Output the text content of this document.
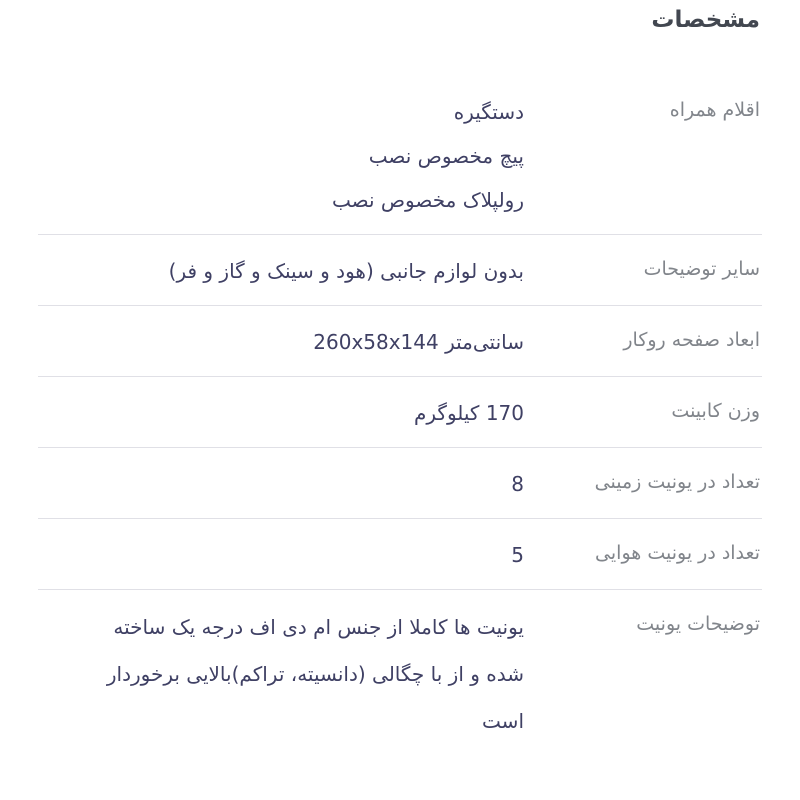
مشخصات
اقلام همراه
دستگیره
پیچ مخصوص نصب
رولپلاک مخصوص نصب
سایر توضیحات
بدون لوازم جانبی (هود و سینک و گاز و فر)
ابعاد صفحه روکار
سانتی‌متر 260x58x144
وزن کابینت
170 کیلوگرم
تعداد در یونیت زمینی
8
تعداد در یونیت هوایی
5
توضیحات یونیت
یونیت ها کاملا از جنس ام دی اف درجه یک ساخته شده و از با چگالی (دانسیته، تراکم)بالایی برخوردار است
